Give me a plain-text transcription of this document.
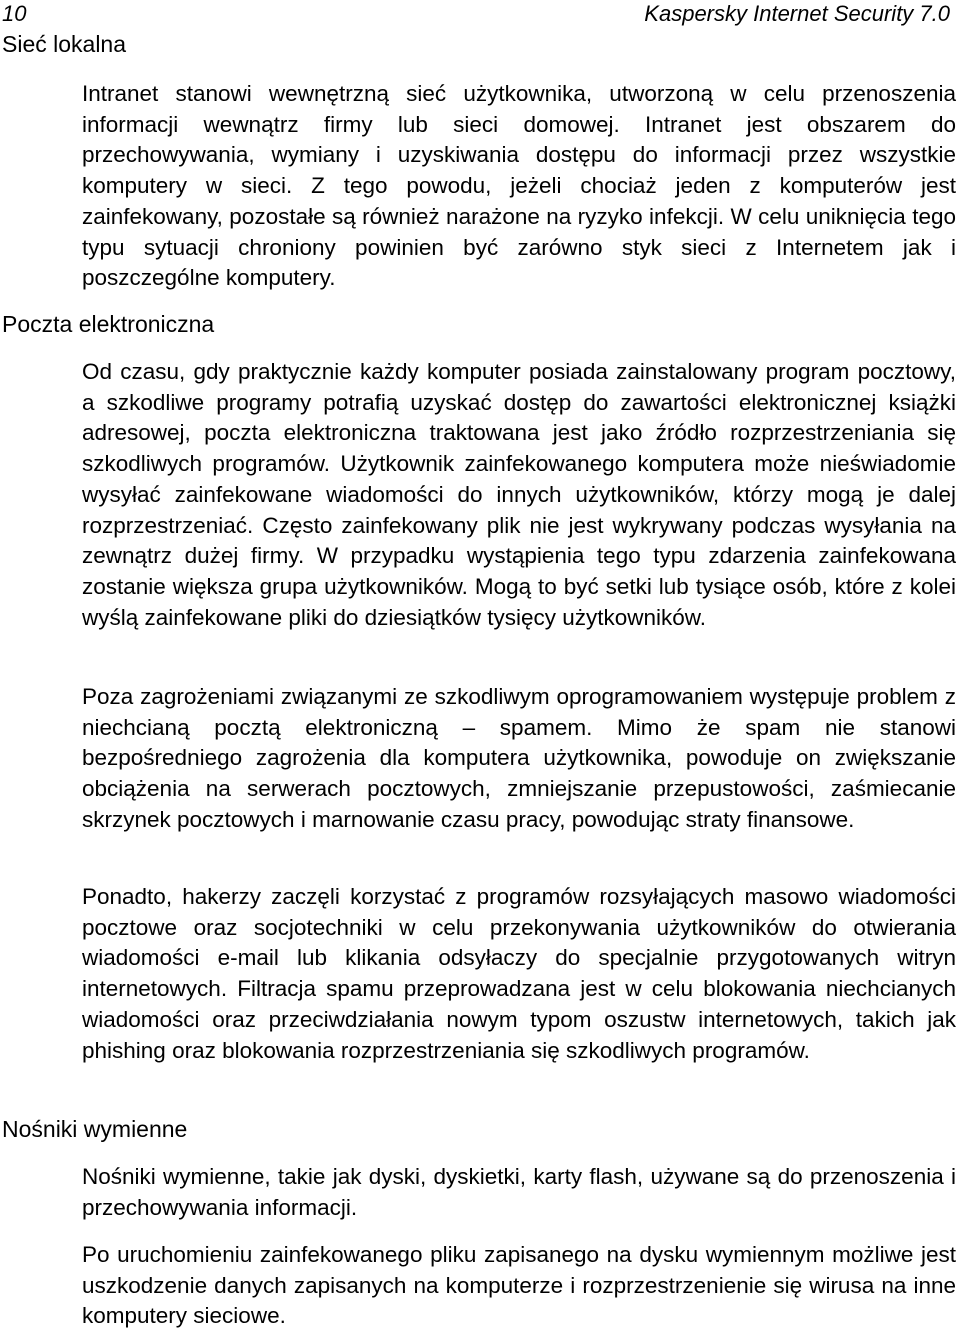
10	Kaspersky Internet Security 7.0
Sieć lokalna

Intranet stanowi wewnętrzną sieć użytkownika, utworzoną w celu przenoszenia informacji wewnątrz firmy lub sieci domowej. Intranet jest obszarem do przechowywania, wymiany i uzyskiwania dostępu do informacji przez wszystkie komputery w sieci. Z tego powodu, jeżeli chociaż jeden z komputerów jest zainfekowany, pozostałe są również narażone na ryzyko infekcji. W celu uniknięcia tego typu sytuacji chroniony powinien być zarówno styk sieci z Internetem jak i poszczególne komputery.

Poczta elektroniczna

Od czasu, gdy praktycznie każdy komputer posiada zainstalowany program pocztowy, a szkodliwe programy potrafią uzyskać dostęp do zawartości elektronicznej książki adresowej, poczta elektroniczna traktowana jest jako źródło rozprzestrzeniania się szkodliwych programów. Użytkownik zainfekowanego komputera może nieświadomie wysyłać zainfekowane wiadomości do innych użytkowników, którzy mogą je dalej rozprzestrzeniać. Często zainfekowany plik nie jest wykrywany podczas wysyłania na zewnątrz dużej firmy. W przypadku wystąpienia tego typu zdarzenia zainfekowana zostanie większa grupa użytkowników. Mogą to być setki lub tysiące osób, które z kolei wyślą zainfekowane pliki do dziesiątków tysięcy użytkowników.

Poza zagrożeniami związanymi ze szkodliwym oprogramowaniem występuje problem z niechcianą pocztą elektroniczną – spamem. Mimo że spam nie stanowi bezpośredniego zagrożenia dla komputera użytkownika, powoduje on zwiększanie obciążenia na serwerach pocztowych, zmniejszanie przepustowości, zaśmiecanie skrzynek pocztowych i marnowanie czasu pracy, powodując straty finansowe.

Ponadto, hakerzy zaczęli korzystać z programów rozsyłających masowo wiadomości pocztowe oraz socjotechniki w celu przekonywania użytkowników do otwierania wiadomości e-mail lub klikania odsyłaczy do specjalnie przygotowanych witryn internetowych. Filtracja spamu przeprowadzana jest w celu blokowania niechcianych wiadomości oraz przeciwdziałania nowym typom oszustw internetowych, takich jak phishing oraz blokowania rozprzestrzeniania się szkodliwych programów.

Nośniki wymienne

Nośniki wymienne, takie jak dyski, dyskietki, karty flash, używane są do przenoszenia i przechowywania informacji.

Po uruchomieniu zainfekowanego pliku zapisanego na dysku wymiennym możliwe jest uszkodzenie danych zapisanych na komputerze i rozprzestrzenienie się wirusa na inne komputery sieciowe.
